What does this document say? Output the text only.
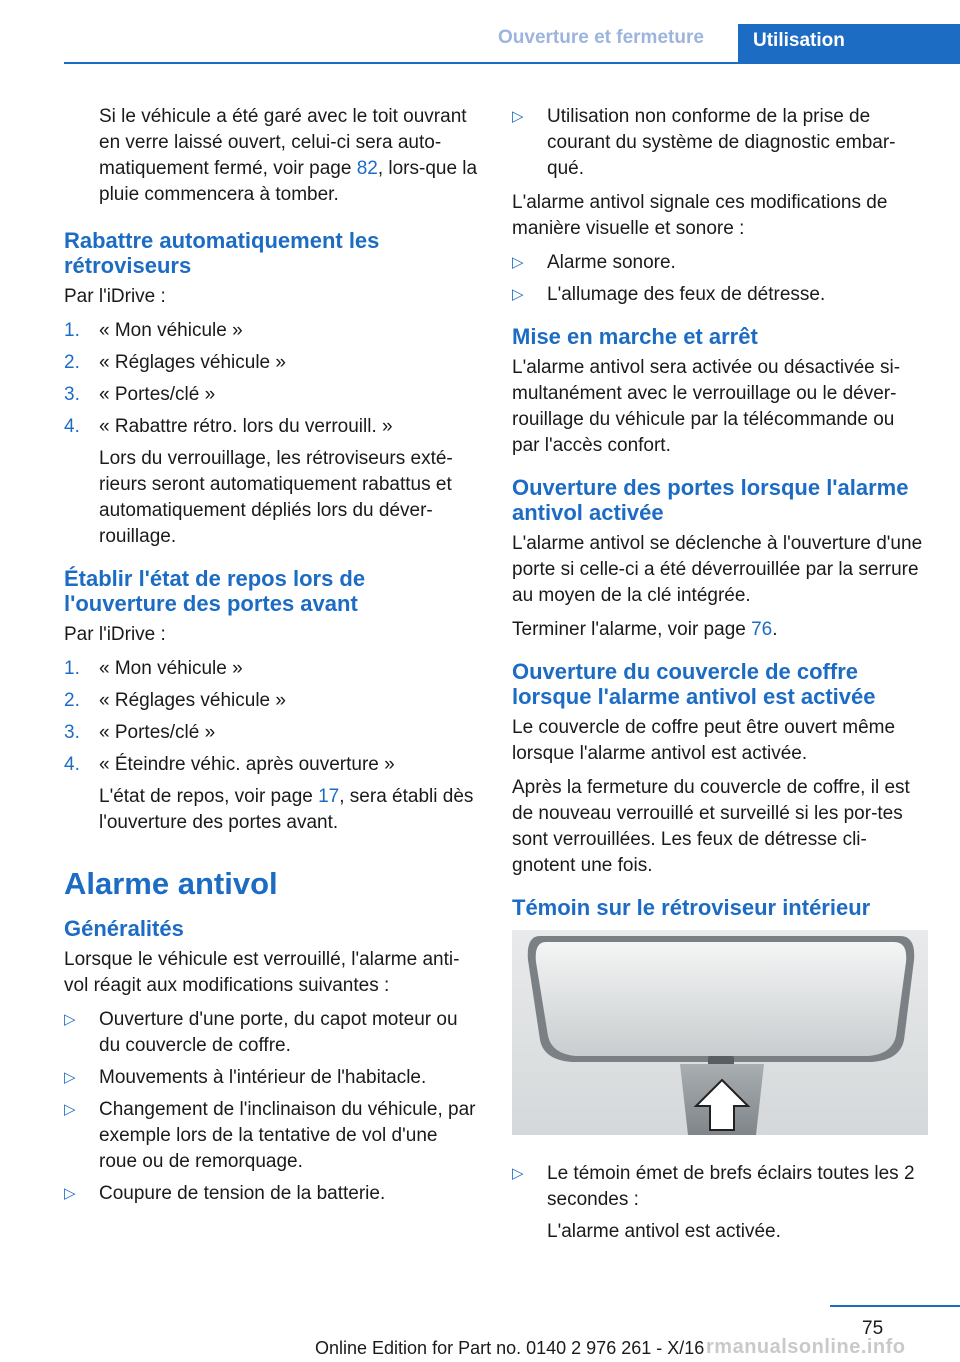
Ouverture et fermeture	Utilisation

Si le véhicule a été garé avec le toit ouvrant en verre laissé ouvert, celui-ci sera auto-matiquement fermé, voir page 82, lors-que la pluie commencera à tomber.

Rabattre automatiquement les rétroviseurs

Par l'iDrive :

1. « Mon véhicule »
2. « Réglages véhicule »
3. « Portes/clé »
4. « Rabattre rétro. lors du verrouill. »
Lors du verrouillage, les rétroviseurs exté-rieurs seront automatiquement rabattus et automatiquement dépliés lors du déver-rouillage.
Établir l'état de repos lors de l'ouverture des portes avant

Par l'iDrive :

1. « Mon véhicule »
2. « Réglages véhicule »
3. « Portes/clé »
4. « Éteindre véhic. après ouverture »
L'état de repos, voir page 17, sera établi dès l'ouverture des portes avant.
Alarme antivol
Généralités

Lorsque le véhicule est verrouillé, l'alarme anti-vol réagit aux modifications suivantes :

▷ Ouverture d'une porte, du capot moteur ou du couvercle de coffre.
▷ Mouvements à l'intérieur de l'habitacle.
▷ Changement de l'inclinaison du véhicule, par exemple lors de la tentative de vol d'une roue ou de remorquage.
▷ Coupure de tension de la batterie.
▷ Utilisation non conforme de la prise de courant du système de diagnostic embar-qué.

L'alarme antivol signale ces modifications de manière visuelle et sonore :

▷ Alarme sonore.
▷ L'allumage des feux de détresse.
Mise en marche et arrêt

L'alarme antivol sera activée ou désactivée si-multanément avec le verrouillage ou le déver-rouillage du véhicule par la télécommande ou par l'accès confort.

Ouverture des portes lorsque l'alarme antivol activée

L'alarme antivol se déclenche à l'ouverture d'une porte si celle-ci a été déverrouillée par la serrure au moyen de la clé intégrée.

Terminer l'alarme, voir page 76.

Ouverture du couvercle de coffre lorsque l'alarme antivol est activée

Le couvercle de coffre peut être ouvert même lorsque l'alarme antivol est activée.

Après la fermeture du couvercle de coffre, il est de nouveau verrouillé et surveillé si les por-tes sont verrouillées. Les feux de détresse cli-gnotent une fois.

Témoin sur le rétroviseur intérieur
▷ Le témoin émet de brefs éclairs toutes les 2 secondes :
L'alarme antivol est activée.
75
Online Edition for Part no. 0140 2 976 261 - X/16 rmanualsonline.info
